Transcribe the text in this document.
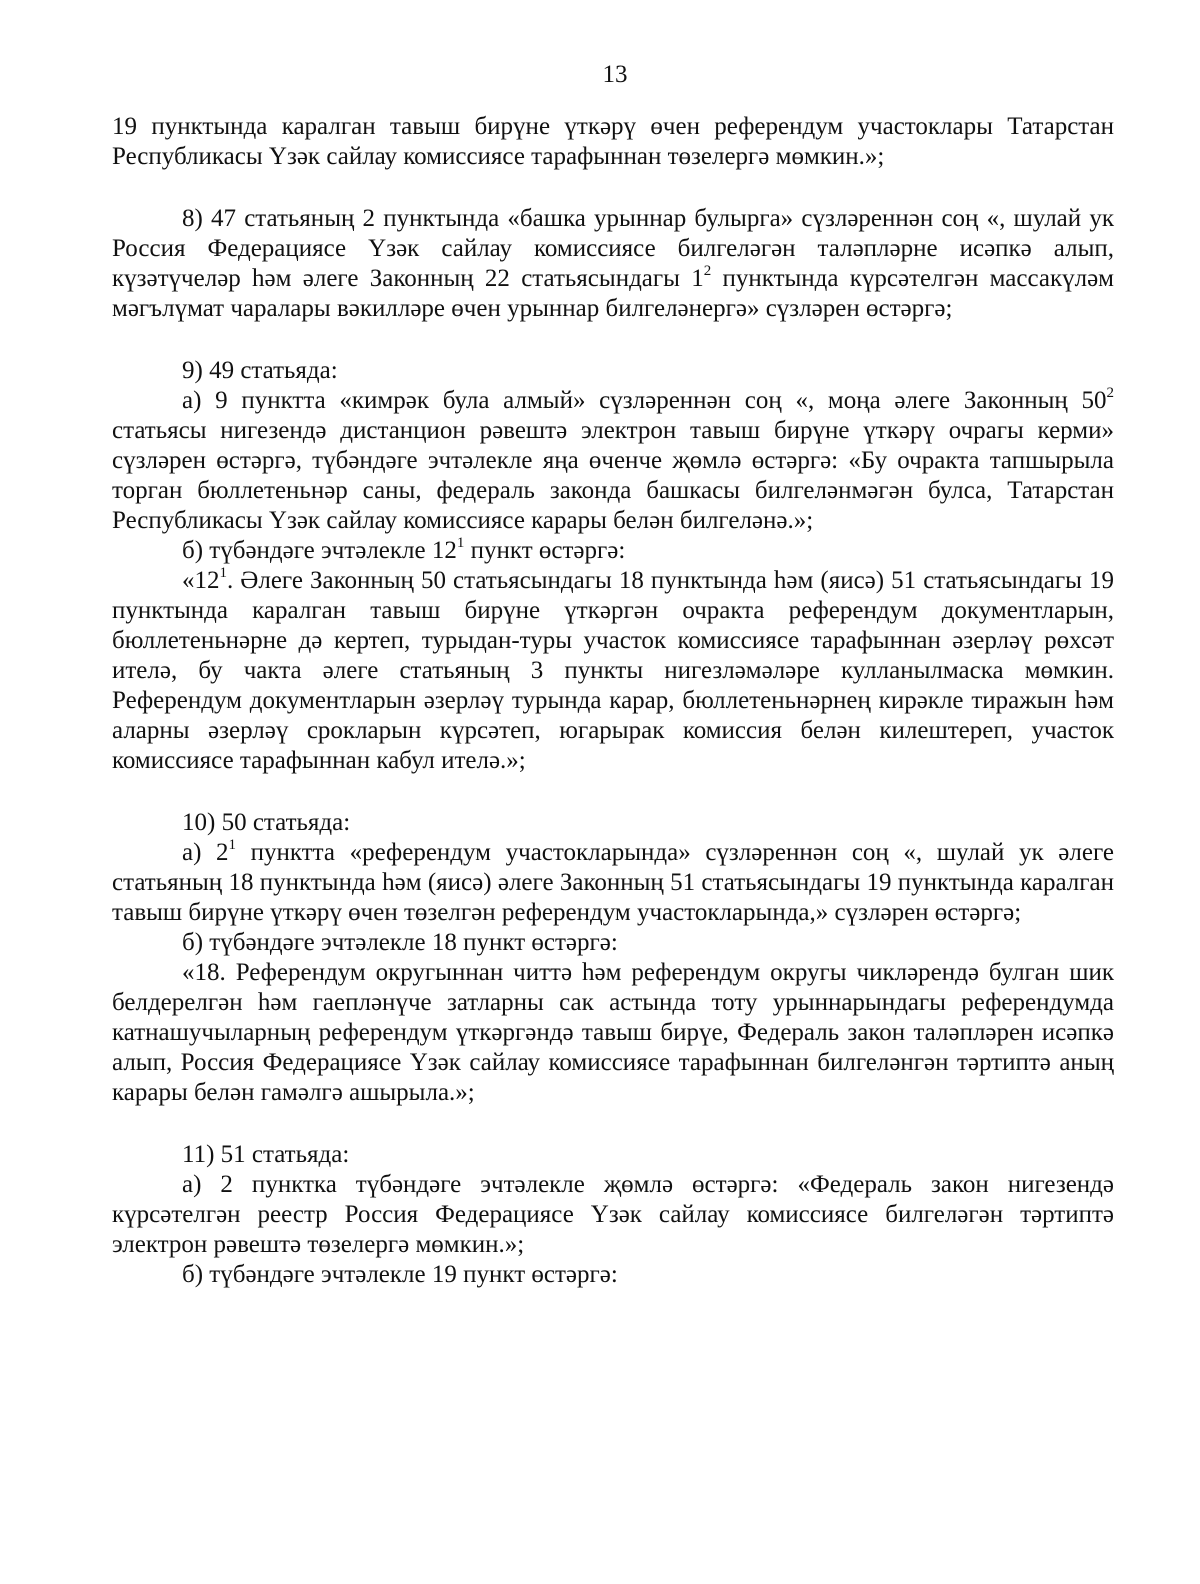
13

19 пунктында каралган тавыш бирүне үткәрү өчен референдум участоклары Татарстан Республикасы Үзәк сайлау комиссиясе тарафыннан төзелергә мөмкин.»;

8) 47 статьяның 2 пунктында «башка урыннар булырга» сүзләреннән соң «, шулай ук Россия Федерациясе Үзәк сайлау комиссиясе билгеләгән таләпләрне исәпкә алып, күзәтүчеләр һәм әлеге Законның 22 статьясындагы $1^2$ пунктында күрсәтелгән массакүләм мәгълүмат чаралары вәкилләре өчен урыннар билгеләнергә» сүзләрен өстәргә;

9) 49 статьяда:

а) 9 пунктта «кимрәк була алмый» сүзләреннән соң «, моңа әлеге Законның $50^2$ статьясы нигезендә дистанцион рәвештә электрон тавыш бирүне үткәрү очрагы керми» сүзләрен өстәргә, түбәндәге эчтәлекле яңа өченче җөмлә өстәргә: «Бу очракта тапшырыла торган бюллетеньнәр саны, федераль законда башкасы билгеләнмәгән булса, Татарстан Республикасы Үзәк сайлау комиссиясе карары белән билгеләнә.»;

б) түбәндәге эчтәлекле $12^1$ пункт өстәргә:

«$12^1$. Әлеге Законның 50 статьясындагы 18 пунктында һәм (яисә) 51 статьясындагы 19 пунктында каралган тавыш бирүне үткәргән очракта референдум документларын, бюллетеньнәрне дә кертеп, турыдан-туры участок комиссиясе тарафыннан әзерләү рөхсәт ителә, бу чакта әлеге статьяның 3 пункты нигезләмәләре кулланылмаска мөмкин. Референдум документларын әзерләү турында карар, бюллетеньнәрнең кирәкле тиражын һәм аларны әзерләү срокларын күрсәтеп, югарырак комиссия белән килештереп, участок комиссиясе тарафыннан кабул ителә.»;

10) 50 статьяда:

а) $2^1$ пунктта «референдум участокларында» сүзләреннән соң «, шулай ук әлеге статьяның 18 пунктында һәм (яисә) әлеге Законның 51 статьясындагы 19 пунктында каралган тавыш бирүне үткәрү өчен төзелгән референдум участокларында,» сүзләрен өстәргә;

б) түбәндәге эчтәлекле 18 пункт өстәргә:

«18. Референдум округыннан читтә һәм референдум округы чикләрендә булган шик белдерелгән һәм гаепләнүче затларны сак астында тоту урыннарындагы референдумда катнашучыларның референдум үткәргәндә тавыш бирүе, Федераль закон таләпләрен исәпкә алып, Россия Федерациясе Үзәк сайлау комиссиясе тарафыннан билгеләнгән тәртиптә аның карары белән гамәлгә ашырыла.»;

11) 51 статьяда:

а) 2 пунктка түбәндәге эчтәлекле җөмлә өстәргә: «Федераль закон нигезендә күрсәтелгән реестр Россия Федерациясе Үзәк сайлау комиссиясе билгеләгән тәртиптә электрон рәвештә төзелергә мөмкин.»;

б) түбәндәге эчтәлекле 19 пункт өстәргә:
